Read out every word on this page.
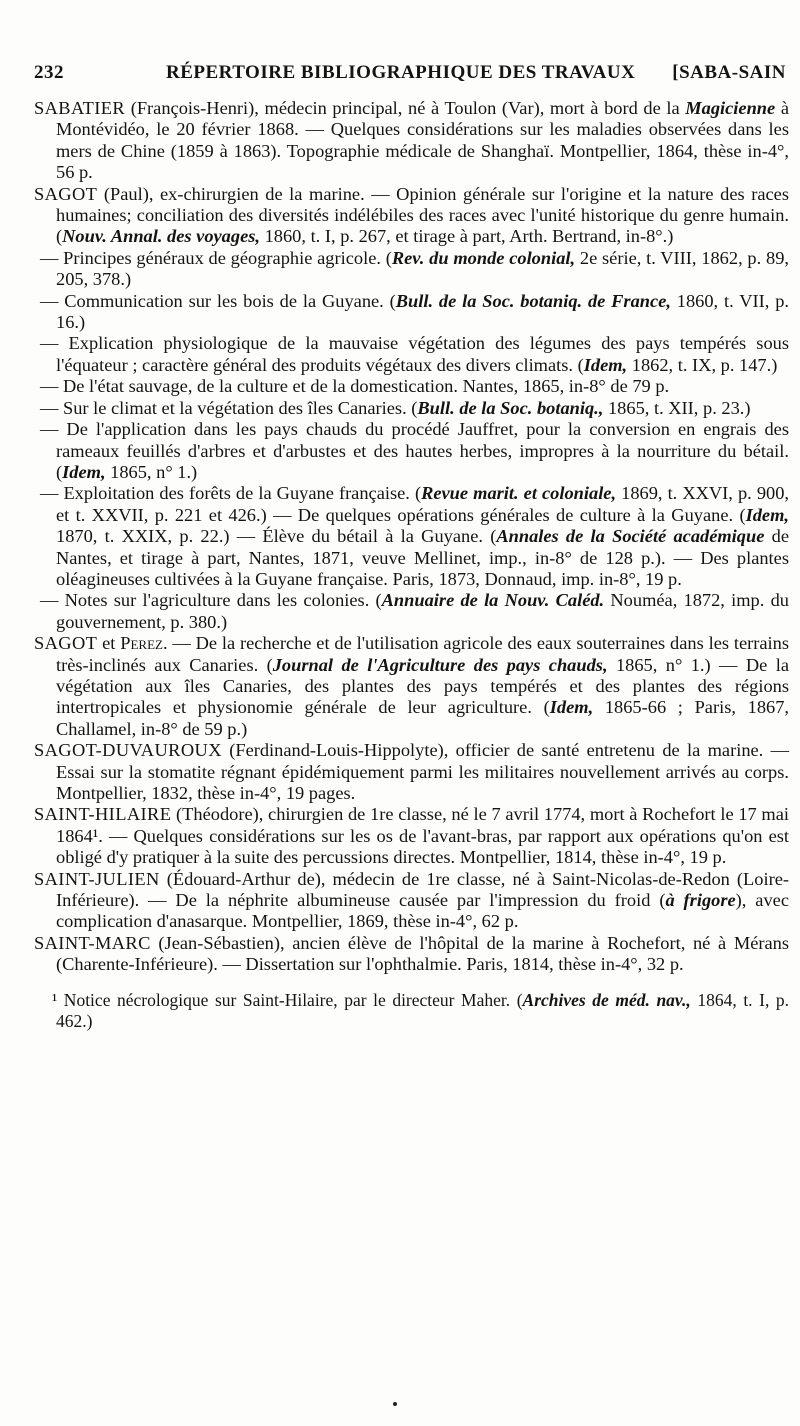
232	RÉPERTOIRE BIBLIOGRAPHIQUE DES TRAVAUX [SABA-SAIN

SABATIER (François-Henri), médecin principal, né à Toulon (Var), mort à bord de la Magicienne à Montévidéo, le 20 février 1868. — Quelques considérations sur les maladies observées dans les mers de Chine (1859 à 1863). Topographie médicale de Shanghaï. Montpellier, 1864, thèse in-4°, 56 p.

SAGOT (Paul), ex-chirurgien de la marine. — Opinion générale sur l'origine et la nature des races humaines; conciliation des diversités indélébiles des races avec l'unité historique du genre humain. (Nouv. Annal. des voyages, 1860, t. I, p. 267, et tirage à part, Arth. Bertrand, in-8°.)

— Principes généraux de géographie agricole. (Rev. du monde colonial, 2e série, t. VIII, 1862, p. 89, 205, 378.)

— Communication sur les bois de la Guyane. (Bull. de la Soc. botaniq. de France, 1860, t. VII, p. 16.)

— Explication physiologique de la mauvaise végétation des légumes des pays tempérés sous l'équateur ; caractère général des produits végétaux des divers climats. (Idem, 1862, t. IX, p. 147.)

— De l'état sauvage, de la culture et de la domestication. Nantes, 1865, in-8° de 79 p.

— Sur le climat et la végétation des îles Canaries. (Bull. de la Soc. botaniq., 1865, t. XII, p. 23.)

— De l'application dans les pays chauds du procédé Jauffret, pour la conversion en engrais des rameaux feuillés d'arbres et d'arbustes et des hautes herbes, impropres à la nourriture du bétail. (Idem, 1865, n° 1.)

— Exploitation des forêts de la Guyane française. (Revue marit. et coloniale, 1869, t. XXVI, p. 900, et t. XXVII, p. 221 et 426.) — De quelques opérations générales de culture à la Guyane. (Idem, 1870, t. XXIX, p. 22.) — Élève du bétail à la Guyane. (Annales de la Société académique de Nantes, et tirage à part, Nantes, 1871, veuve Mellinet, imp., in-8° de 128 p.). — Des plantes oléagineuses cultivées à la Guyane française. Paris, 1873, Donnaud, imp. in-8°, 19 p.

— Notes sur l'agriculture dans les colonies. (Annuaire de la Nouv. Caléd. Nouméa, 1872, imp. du gouvernement, p. 380.)

SAGOT et Perez. — De la recherche et de l'utilisation agricole des eaux souterraines dans les terrains très-inclinés aux Canaries. (Journal de l'Agriculture des pays chauds, 1865, n° 1.) — De la végétation aux îles Canaries, des plantes des pays tempérés et des plantes des régions intertropicales et physionomie générale de leur agriculture. (Idem, 1865-66 ; Paris, 1867, Challamel, in-8° de 59 p.)

SAGOT-DUVAUROUX (Ferdinand-Louis-Hippolyte), officier de santé entretenu de la marine. — Essai sur la stomatite régnant épidémiquement parmi les militaires nouvellement arrivés au corps. Montpellier, 1832, thèse in-4°, 19 pages.

SAINT-HILAIRE (Théodore), chirurgien de 1re classe, né le 7 avril 1774, mort à Rochefort le 17 mai 1864¹. — Quelques considérations sur les os de l'avant-bras, par rapport aux opérations qu'on est obligé d'y pratiquer à la suite des percussions directes. Montpellier, 1814, thèse in-4°, 19 p.

SAINT-JULIEN (Édouard-Arthur de), médecin de 1re classe, né à Saint-Nicolas-de-Redon (Loire-Inférieure). — De la néphrite albumineuse causée par l'impression du froid (à frigore), avec complication d'anasarque. Montpellier, 1869, thèse in-4°, 62 p.

SAINT-MARC (Jean-Sébastien), ancien élève de l'hôpital de la marine à Rochefort, né à Mérans (Charente-Inférieure). — Dissertation sur l'ophthalmie. Paris, 1814, thèse in-4°, 32 p.

¹ Notice nécrologique sur Saint-Hilaire, par le directeur Maher. (Archives de méd. nav., 1864, t. I, p. 462.)
